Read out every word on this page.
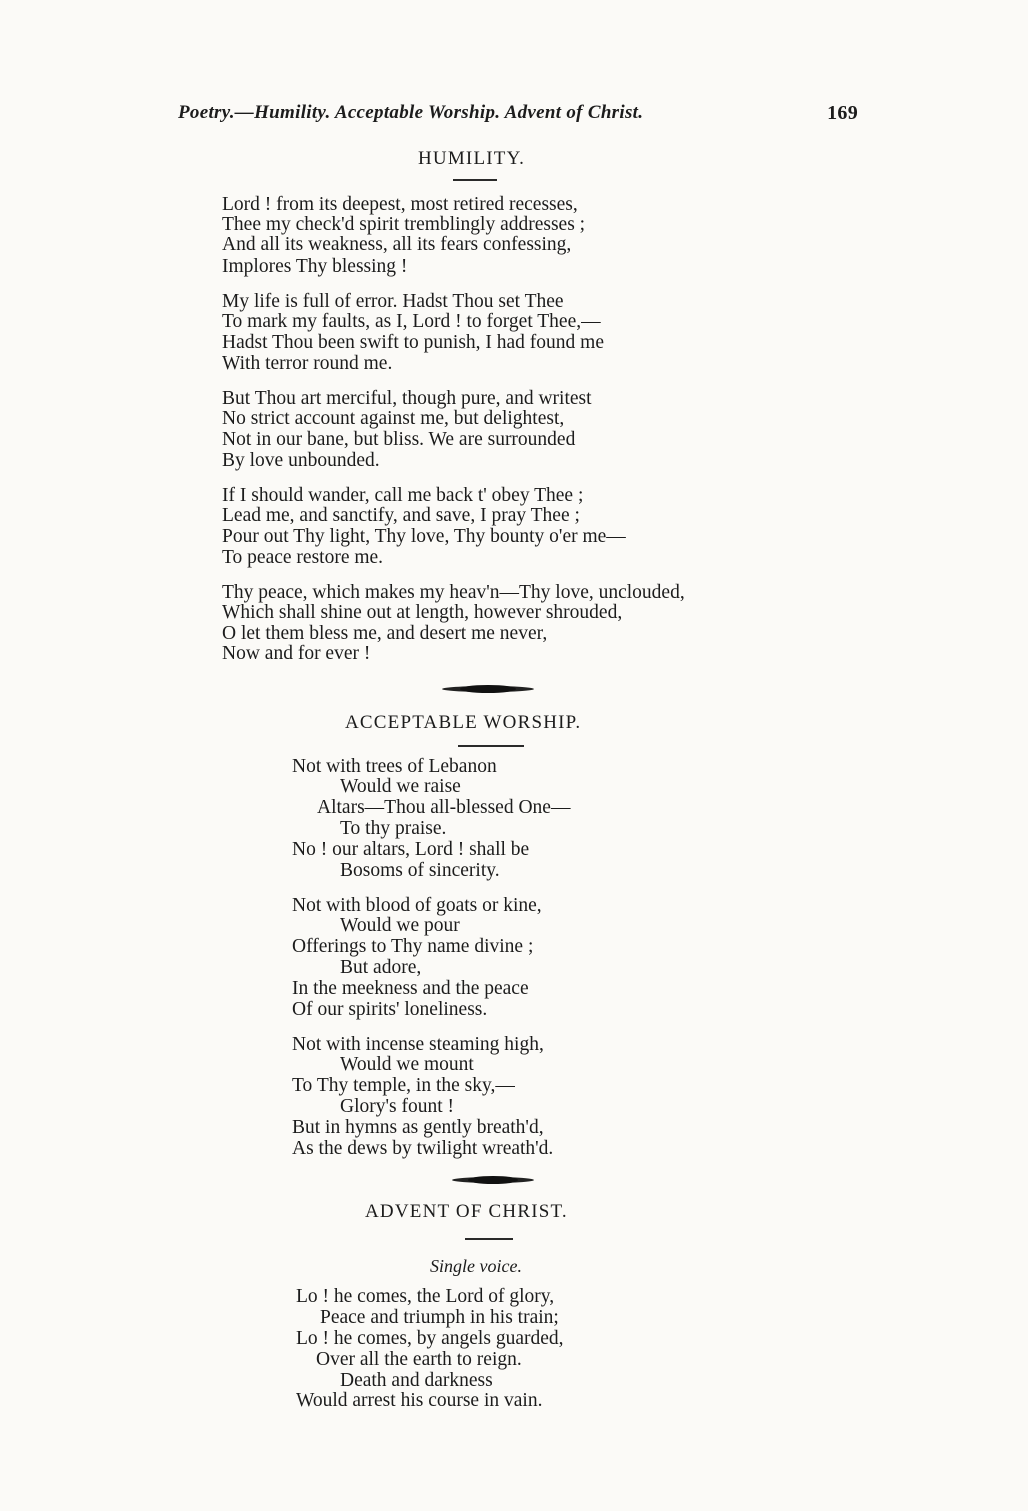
Poetry.—Humility. Acceptable Worship. Advent of Christ.	169
HUMILITY.
Lord ! from its deepest, most retired recesses,
Thee my check'd spirit tremblingly addresses ;
And all its weakness, all its fears confessing,
Implores Thy blessing !
My life is full of error. Hadst Thou set Thee
To mark my faults, as I, Lord ! to forget Thee,—
Hadst Thou been swift to punish, I had found me
With terror round me.
But Thou art merciful, though pure, and writest
No strict account against me, but delightest,
Not in our bane, but bliss. We are surrounded
By love unbounded.
If I should wander, call me back t' obey Thee ;
Lead me, and sanctify, and save, I pray Thee ;
Pour out Thy light, Thy love, Thy bounty o'er me—
To peace restore me.
Thy peace, which makes my heav'n—Thy love, unclouded,
Which shall shine out at length, however shrouded,
O let them bless me, and desert me never,
Now and for ever !
ACCEPTABLE WORSHIP.
Not with trees of Lebanon
Would we raise
Altars—Thou all-blessed One—
To thy praise.
No ! our altars, Lord ! shall be
Bosoms of sincerity.
Not with blood of goats or kine,
Would we pour
Offerings to Thy name divine ;
But adore,
In the meekness and the peace
Of our spirits' loneliness.
Not with incense steaming high,
Would we mount
To Thy temple, in the sky,—
Glory's fount !
But in hymns as gently breath'd,
As the dews by twilight wreath'd.
ADVENT OF CHRIST.
Single voice.
Lo ! he comes, the Lord of glory,
Peace and triumph in his train;
Lo ! he comes, by angels guarded,
Over all the earth to reign.
Death and darkness
Would arrest his course in vain.
